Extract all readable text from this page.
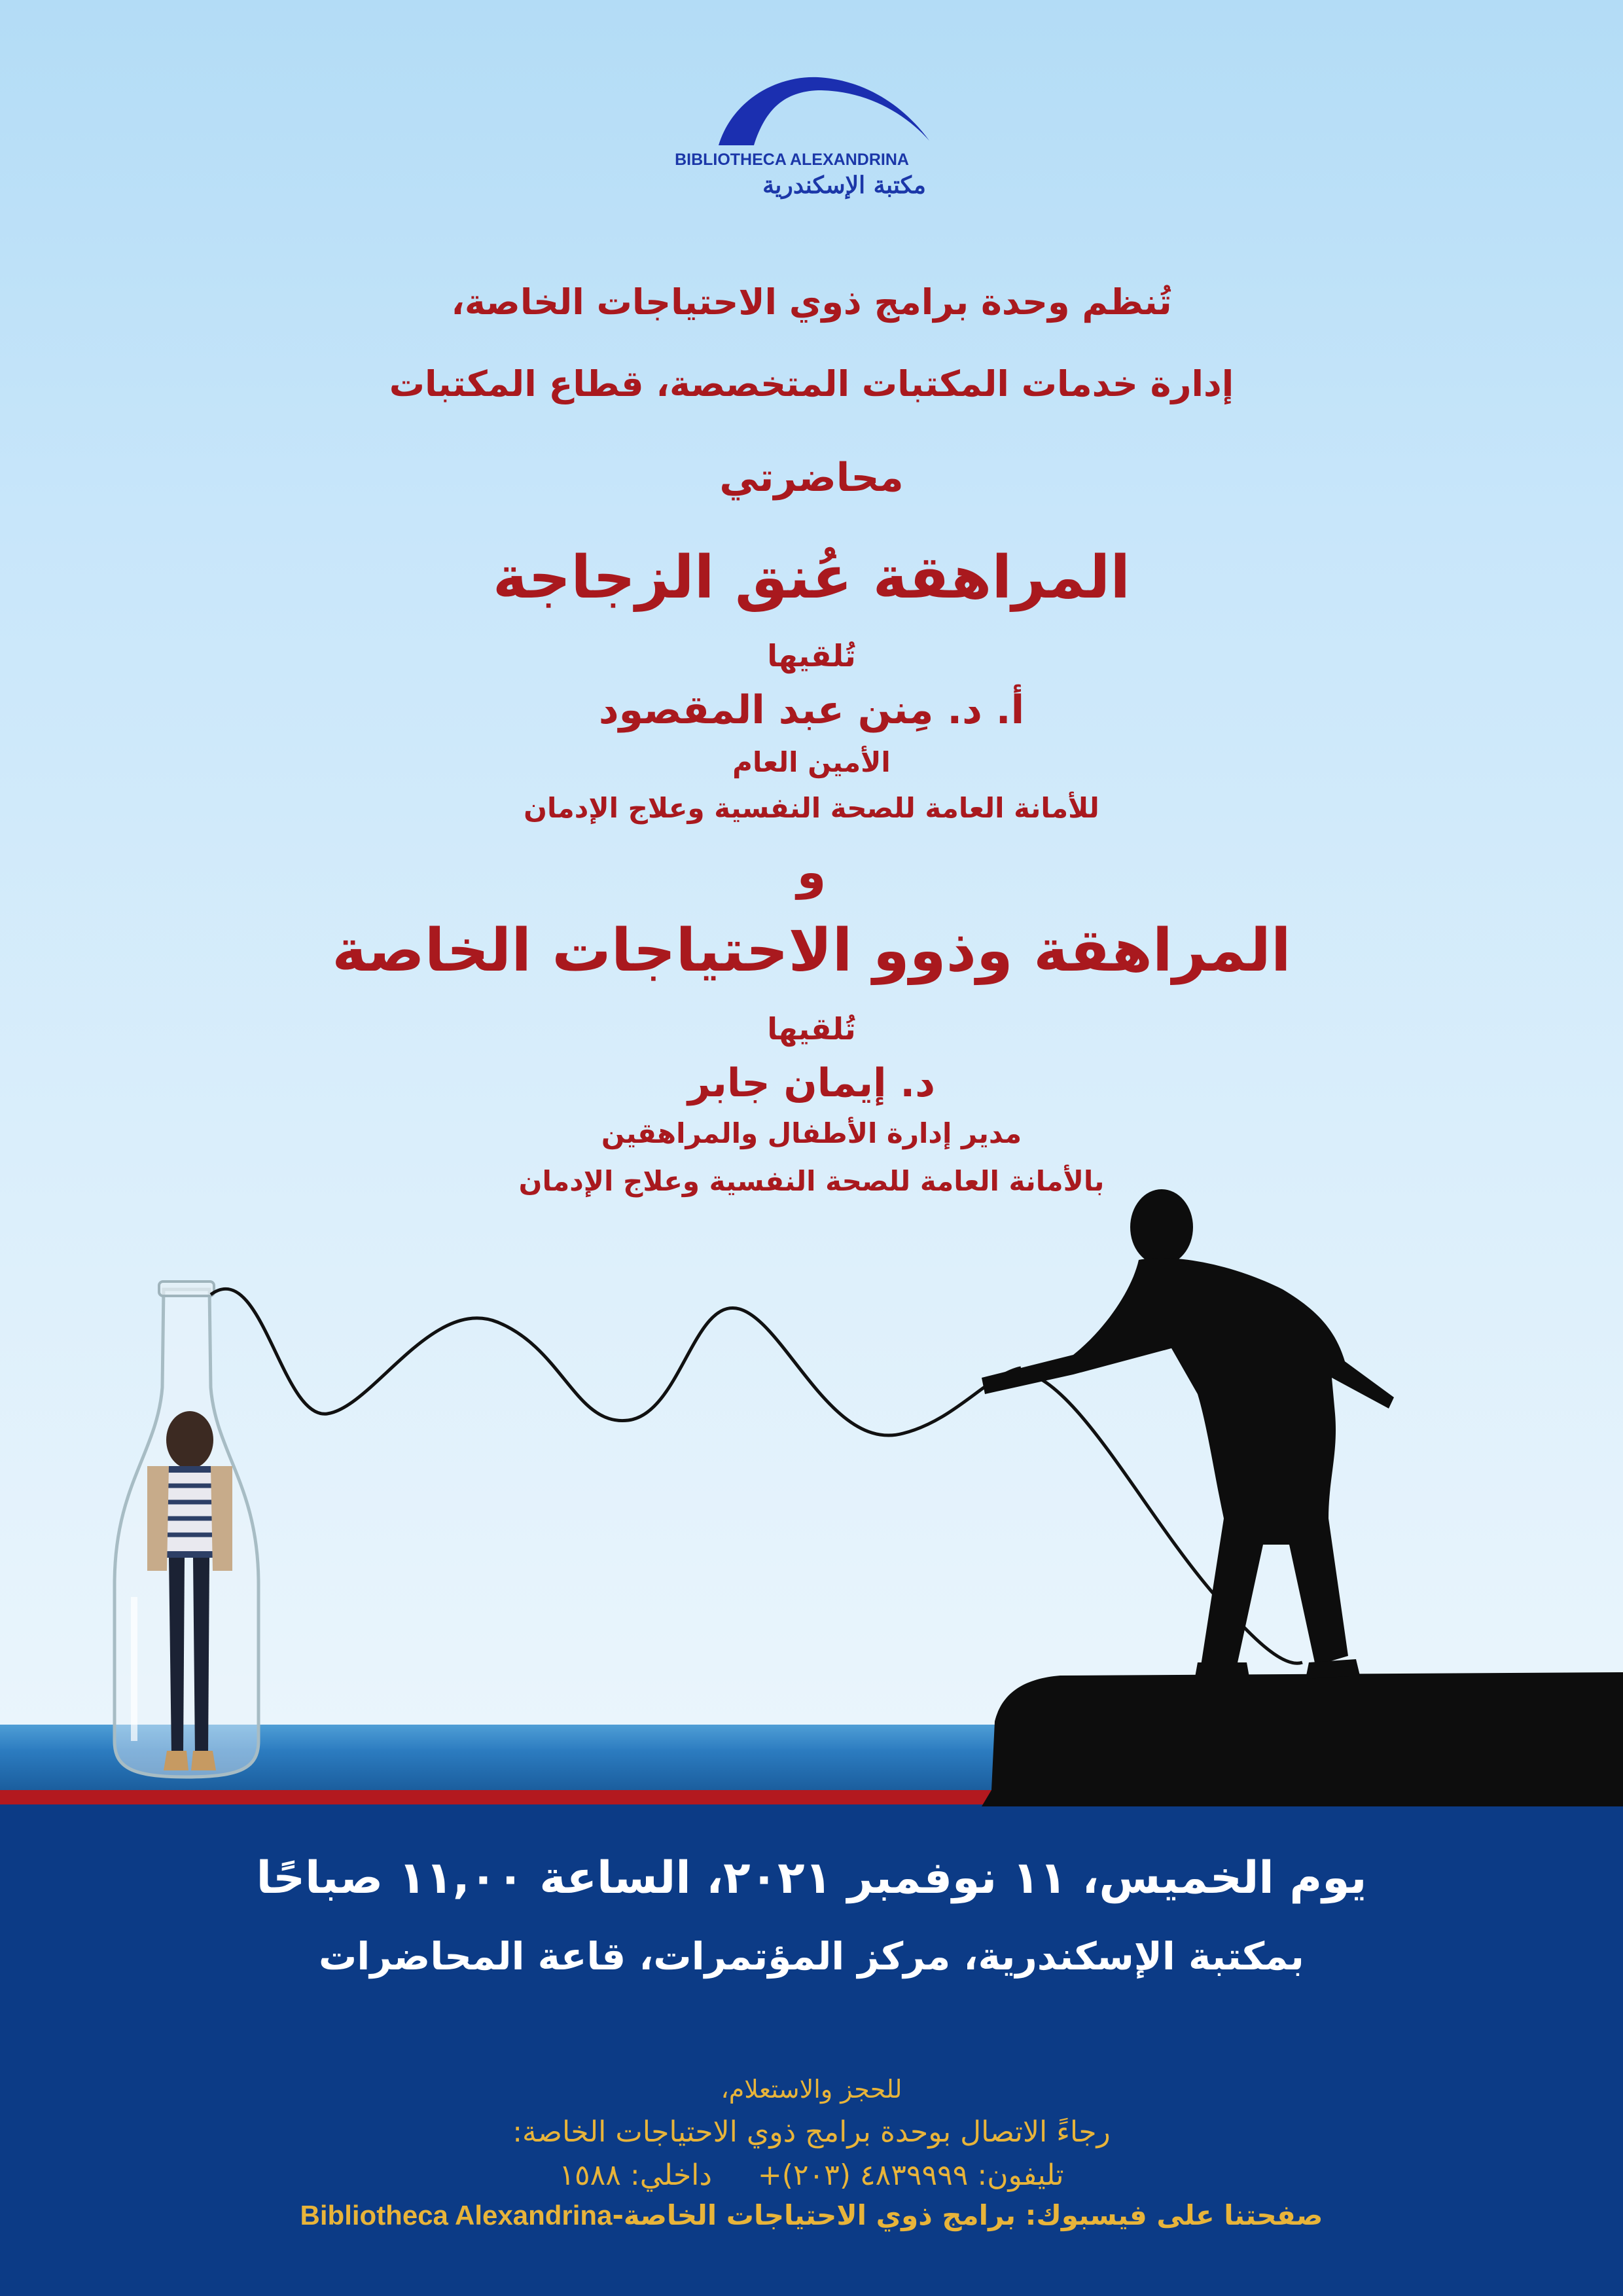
BIBLIOTHECA ALEXANDRINA
مكتبة الإسكندرية
تُنظم وحدة برامج ذوي الاحتياجات الخاصة،
إدارة خدمات المكتبات المتخصصة، قطاع المكتبات
محاضرتي
المراهقة عُنق الزجاجة
تُلقيها
أ. د. مِنن عبد المقصود
الأمين العام
للأمانة العامة للصحة النفسية وعلاج الإدمان
و
المراهقة وذوو الاحتياجات الخاصة
تُلقيها
د. إيمان جابر
مدير إدارة الأطفال والمراهقين
بالأمانة العامة للصحة النفسية وعلاج الإدمان
يوم الخميس، ١١ نوفمبر ٢٠٢١، الساعة ١١,٠٠ صباحًا
بمكتبة الإسكندرية، مركز المؤتمرات، قاعة المحاضرات
للحجز والاستعلام،
رجاءً الاتصال بوحدة برامج ذوي الاحتياجات الخاصة:
تليفون: ٤٨٣٩٩٩٩ (٢٠٣)+     داخلي: ١٥٨٨
Bibliotheca Alexandrinaصفحتنا على فيسبوك: برامج ذوي الاحتياجات الخاصة-
